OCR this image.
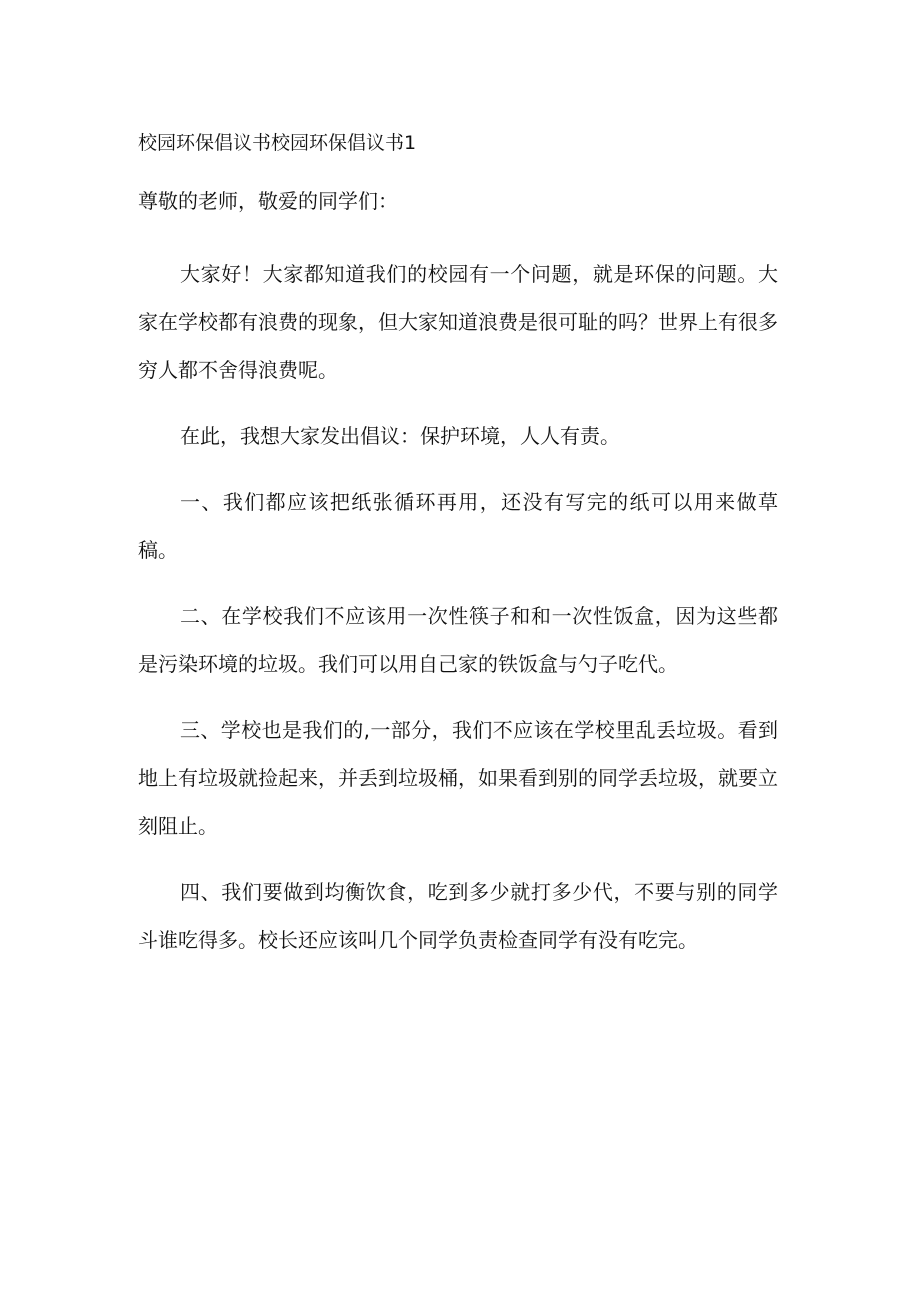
校园环保倡议书校园环保倡议书1
尊敬的老师，敬爱的同学们：

大家好！大家都知道我们的校园有一个问题，就是环保的问题。大家在学校都有浪费的现象，但大家知道浪费是很可耻的吗？世界上有很多穷人都不舍得浪费呢。

在此，我想大家发出倡议：保护环境，人人有责。

一、我们都应该把纸张循环再用，还没有写完的纸可以用来做草稿。

二、在学校我们不应该用一次性筷子和和一次性饭盒，因为这些都是污染环境的垃圾。我们可以用自己家的铁饭盒与勺子吃代。

三、学校也是我们的,一部分，我们不应该在学校里乱丢垃圾。看到地上有垃圾就捡起来，并丢到垃圾桶，如果看到别的同学丢垃圾，就要立刻阻止。

四、我们要做到均衡饮食，吃到多少就打多少代，不要与别的同学斗谁吃得多。校长还应该叫几个同学负责检查同学有没有吃完。
